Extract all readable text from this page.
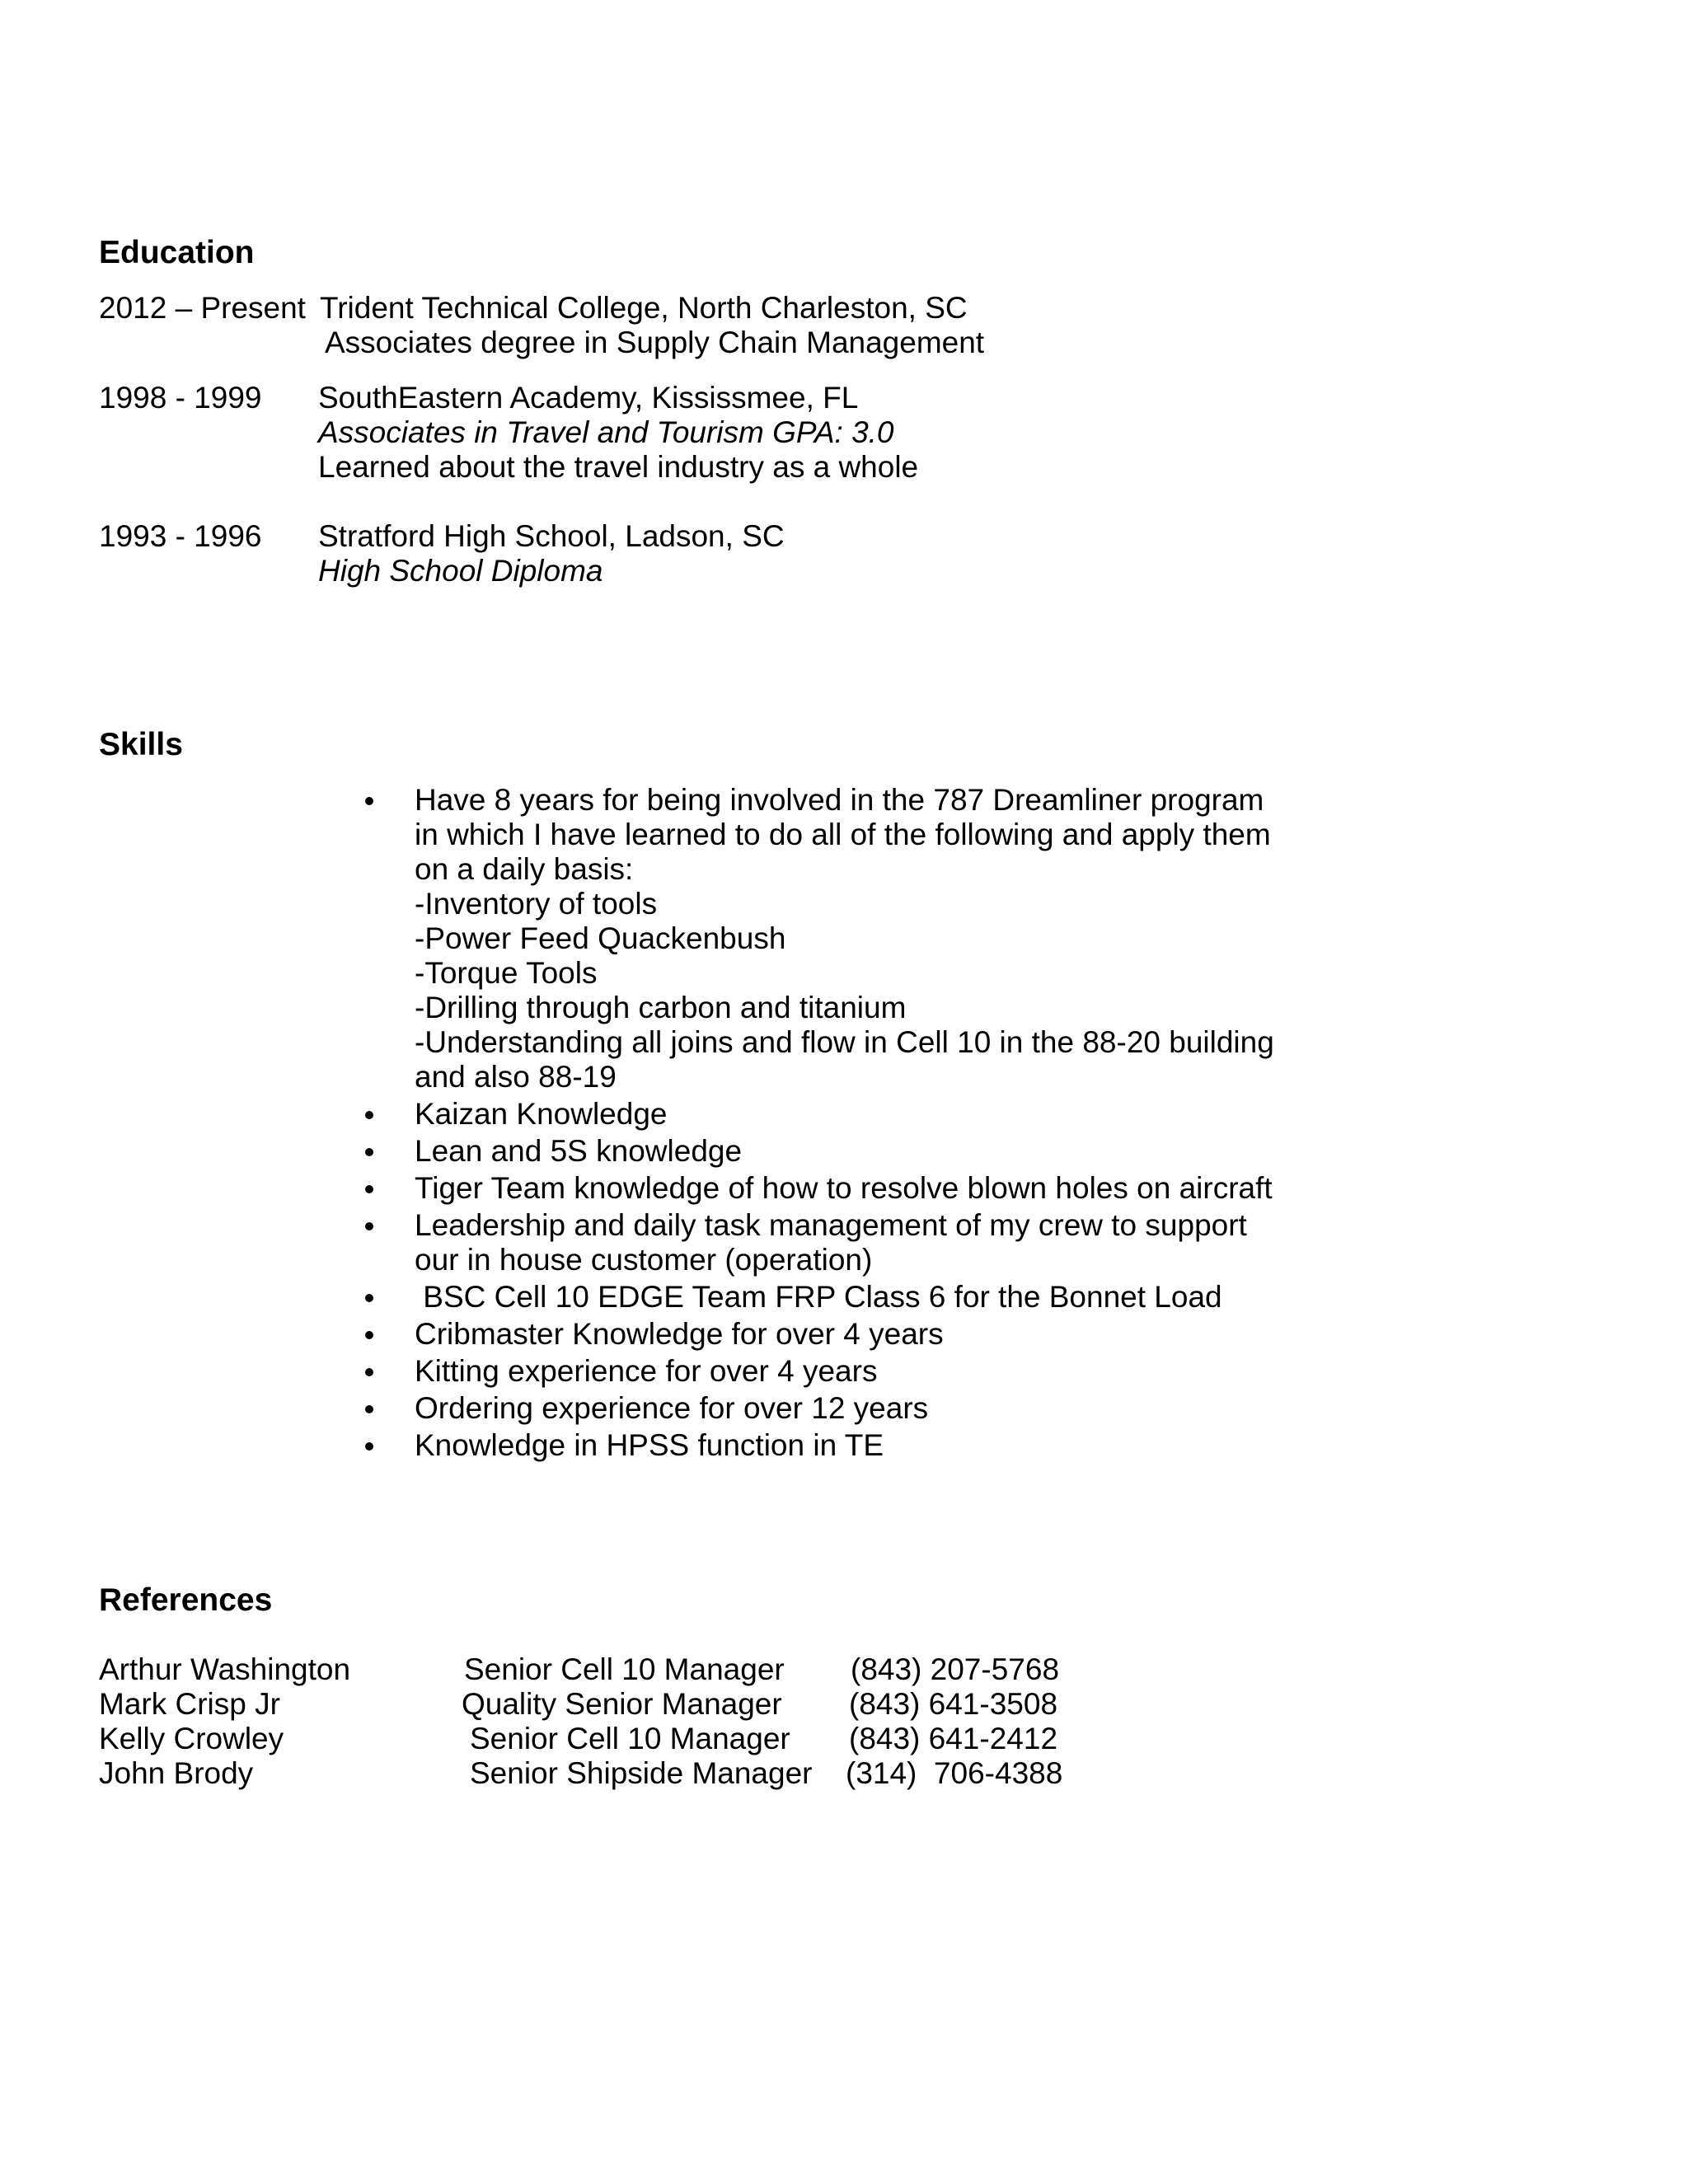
Education
2012 – Present Trident Technical College, North Charleston, SC
Associates degree in Supply Chain Management
1998 - 1999 SouthEastern Academy, Kississmee, FL
Associates in Travel and Tourism GPA: 3.0
Learned about the travel industry as a whole
1993 - 1996 Stratford High School, Ladson, SC
High School Diploma
Skills
Have 8 years for being involved in the 787 Dreamliner program
in which I have learned to do all of the following and apply them
on a daily basis:
-Inventory of tools
-Power Feed Quackenbush
-Torque Tools
-Drilling through carbon and titanium
-Understanding all joins and flow in Cell 10 in the 88-20 building
and also 88-19
Kaizan Knowledge
Lean and 5S knowledge
Tiger Team knowledge of how to resolve blown holes on aircraft
Leadership and daily task management of my crew to support
our in house customer (operation)
BSC Cell 10 EDGE Team FRP Class 6 for the Bonnet Load
Cribmaster Knowledge for over 4 years
Kitting experience for over 4 years
Ordering experience for over 12 years
Knowledge in HPSS function in TE
References
Arthur Washington	Senior Cell 10 Manager (843) 207-5768
Mark Crisp Jr	Quality Senior Manager (843) 641-3508
Kelly Crowley	Senior Cell 10 Manager (843) 641-2412
John Brody	Senior Shipside Manager (314)  706-4388
